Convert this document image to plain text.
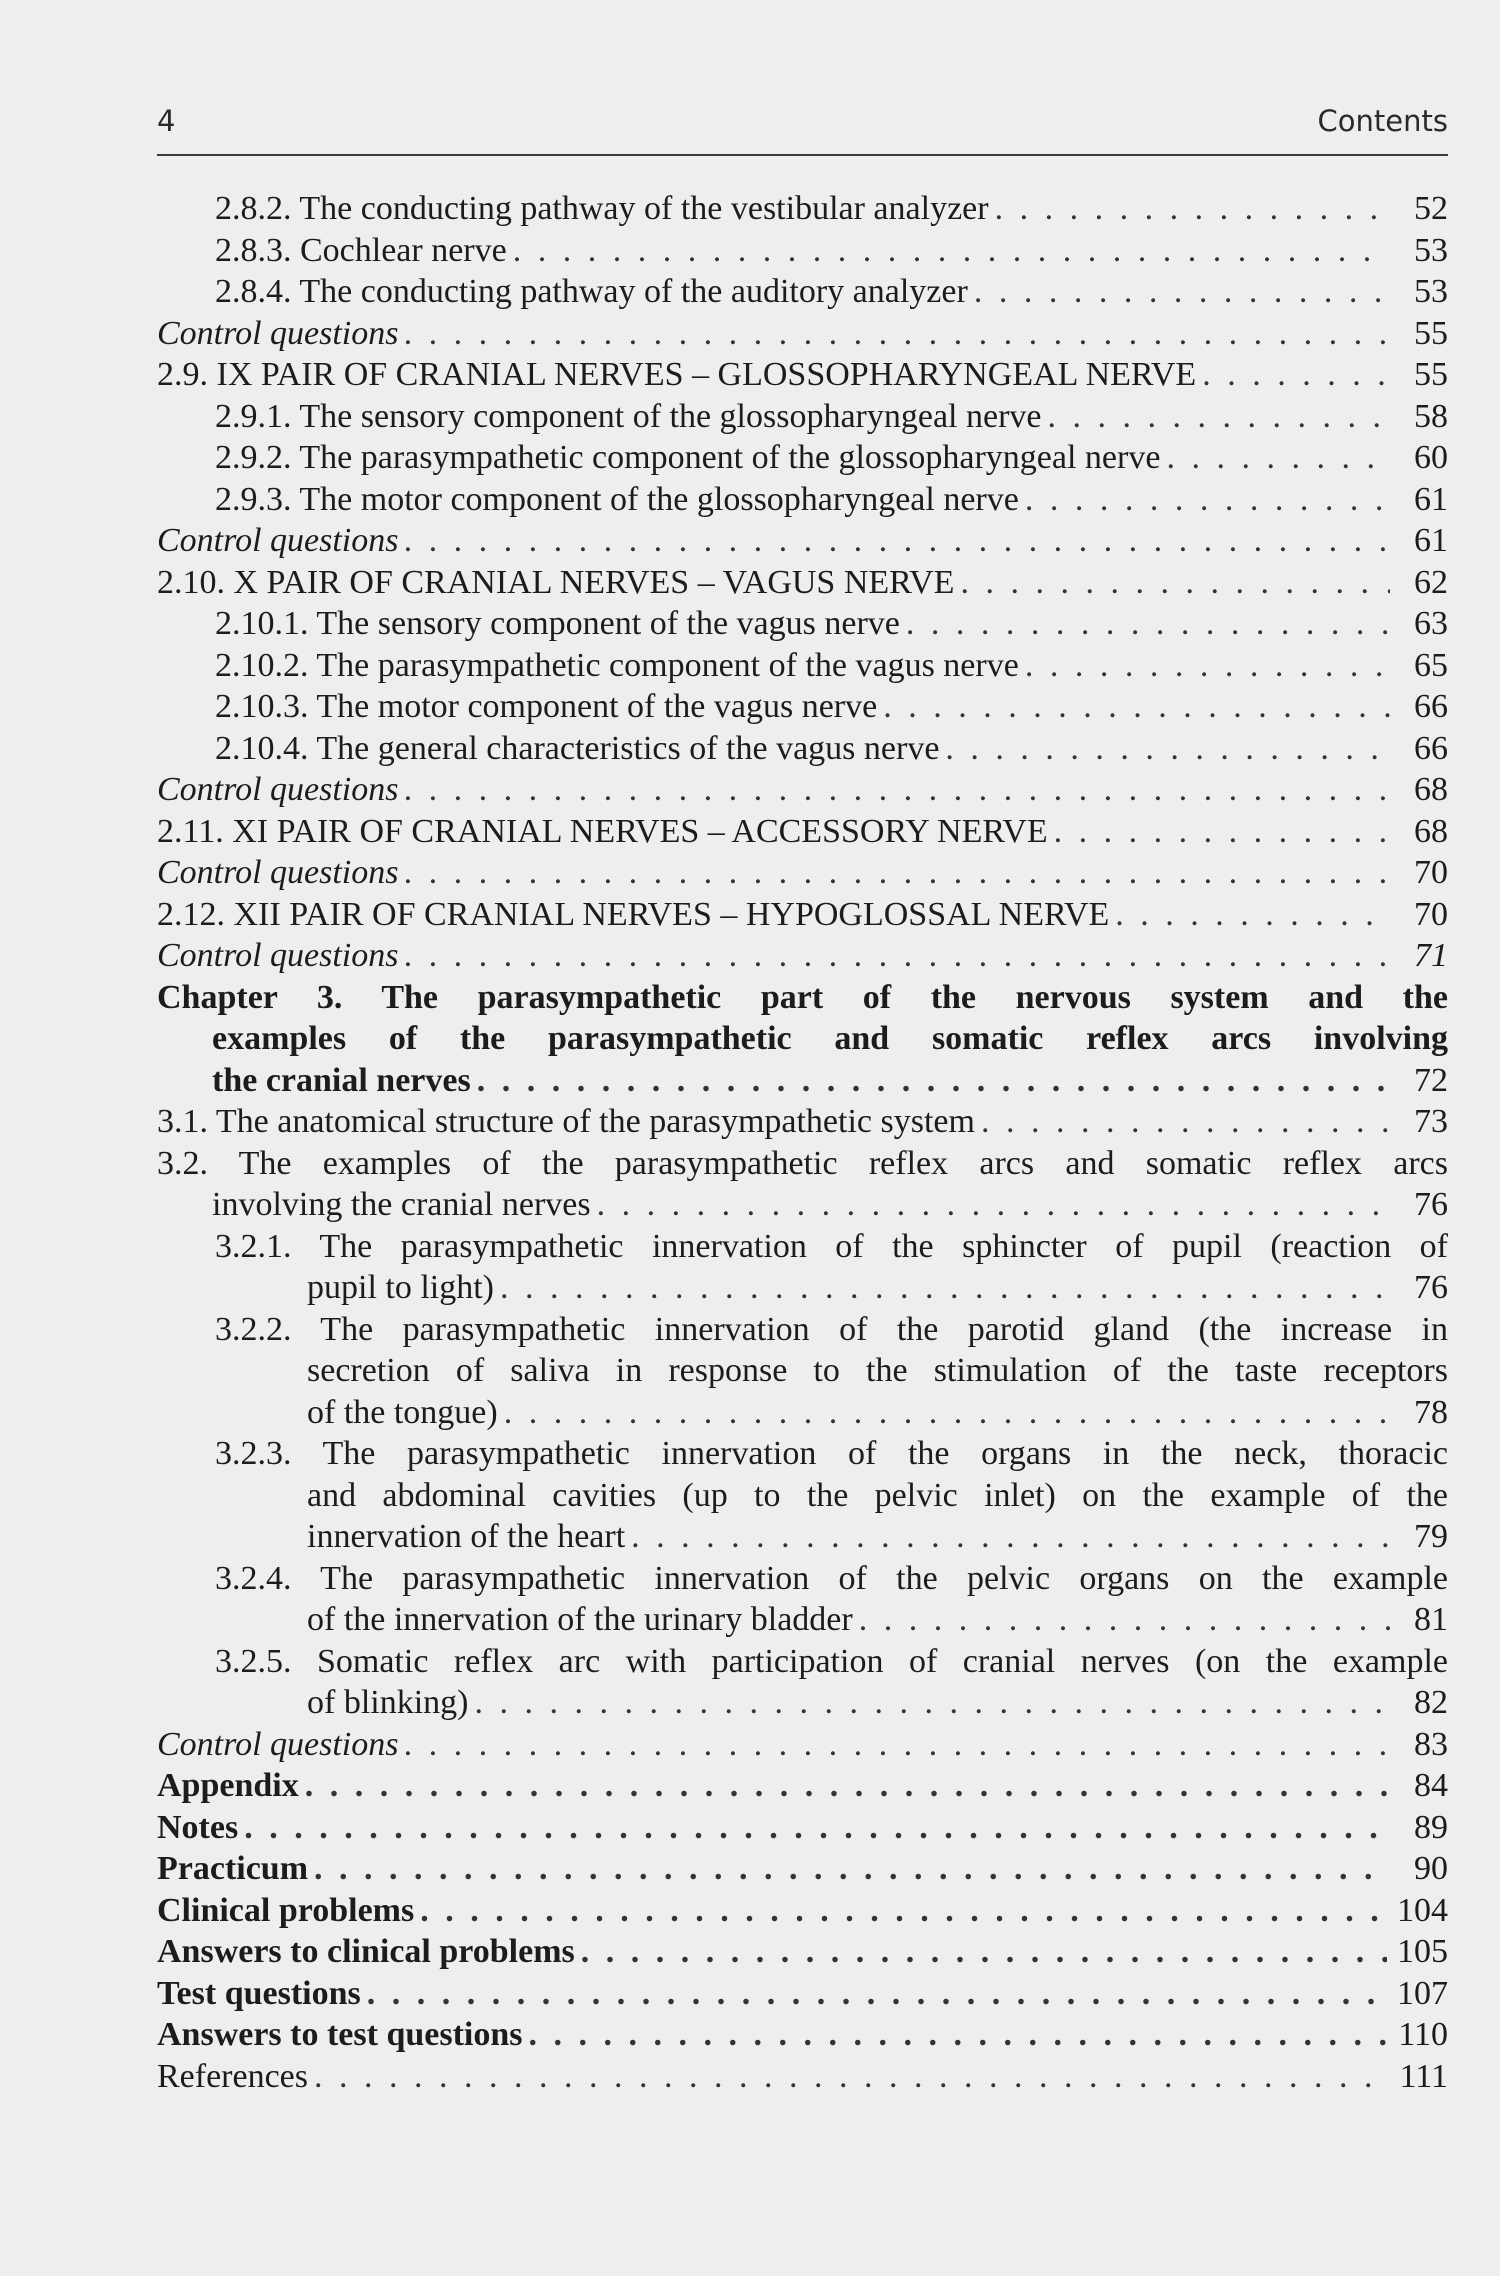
4	Contents
2.8.2. The conducting pathway of the vestibular analyzer . . .	52
2.8.3. Cochlear nerve . . .	53
2.8.4. The conducting pathway of the auditory analyzer . . .	53
Control questions . . .	55
2.9. IX PAIR OF CRANIAL NERVES – GLOSSOPHARYNGEAL NERVE . . .	55
2.9.1. The sensory component of the glossopharyngeal nerve . . .	58
2.9.2. The parasympathetic component of the glossopharyngeal nerve . . .	60
2.9.3. The motor component of the glossopharyngeal nerve . . .	61
Control questions . . .	61
2.10. X PAIR OF CRANIAL NERVES – VAGUS NERVE . . .	62
2.10.1. The sensory component of the vagus nerve . . .	63
2.10.2. The parasympathetic component of the vagus nerve . . .	65
2.10.3. The motor component of the vagus nerve . . .	66
2.10.4. The general characteristics of the vagus nerve . . .	66
Control questions . . .	68
2.11. XI PAIR OF CRANIAL NERVES – ACCESSORY NERVE . . .	68
Control questions . . .	70
2.12. XII PAIR OF CRANIAL NERVES – HYPOGLOSSAL NERVE . . .	70
Control questions . . .	71
Chapter 3. The parasympathetic part of the nervous system and the
examples of the parasympathetic and somatic reflex arcs involving
the cranial nerves . . .	72
3.1. The anatomical structure of the parasympathetic system . . .	73
3.2. The examples of the parasympathetic reflex arcs and somatic reflex arcs
involving the cranial nerves . . .	76
3.2.1. The parasympathetic innervation of the sphincter of pupil (reaction of
pupil to light) . . .	76
3.2.2. The parasympathetic innervation of the parotid gland (the increase in
secretion of saliva in response to the stimulation of the taste receptors
of the tongue) . . .	78
3.2.3. The parasympathetic innervation of the organs in the neck, thoracic
and abdominal cavities (up to the pelvic inlet) on the example of the
innervation of the heart . . .	79
3.2.4. The parasympathetic innervation of the pelvic organs on the example
of the innervation of the urinary bladder . . .	81
3.2.5. Somatic reflex arc with participation of cranial nerves (on the example
of blinking) . . .	82
Control questions . . .	83
Appendix . . .	84
Notes . . .	89
Practicum . . .	90
Clinical problems . . .	104
Answers to clinical problems . . .	105
Test questions . . .	107
Answers to test questions . . .	110
References . . .	111
